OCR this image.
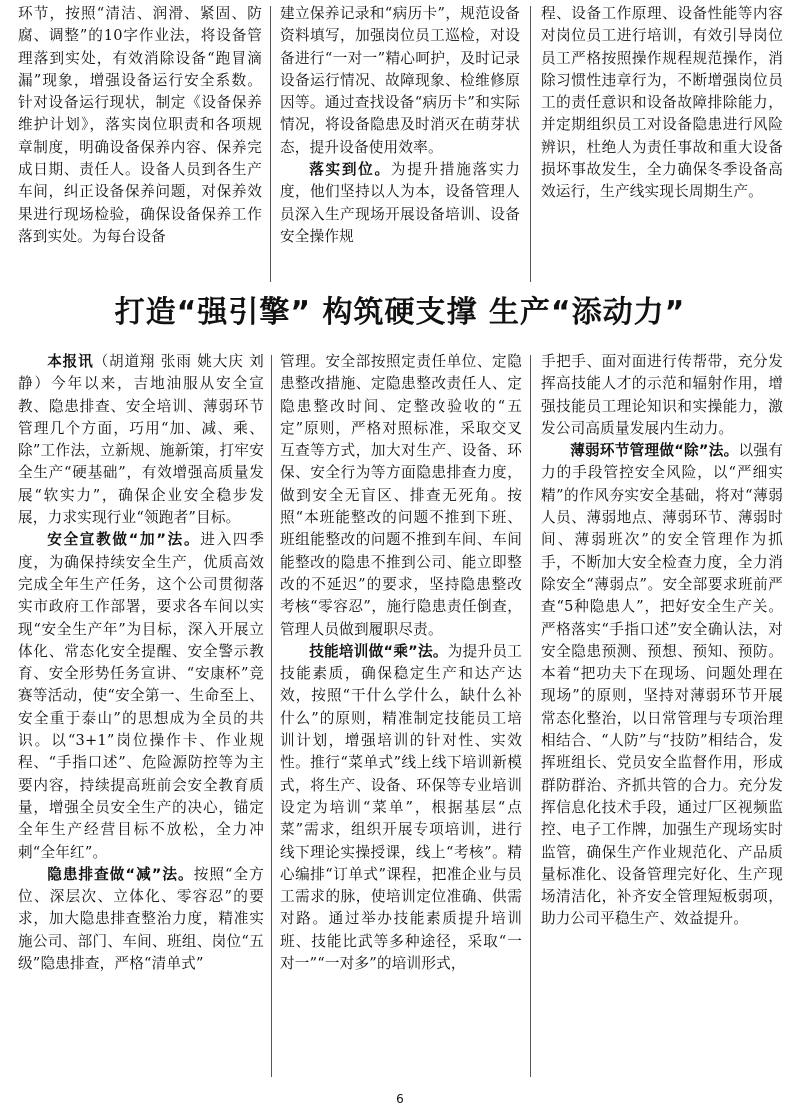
环节，按照“清洁、润滑、紧固、防腐、调整”的10字作业法，将设备管理落到实处，有效消除设备“跑冒滴漏”现象，增强设备运行安全系数。针对设备运行现状，制定《设备保养维护计划》，落实岗位职责和各项规章制度，明确设备保养内容、保养完成日期、责任人。设备人员到各生产车间，纠正设备保养问题，对保养效果进行现场检验，确保设备保养工作落到实处。为每台设备

建立保养记录和“病历卡”，规范设备资料填写，加强岗位员工巡检，对设备进行“一对一”精心呵护，及时记录设备运行情况、故障现象、检维修原因等。通过查找设备“病历卡”和实际情况，将设备隐患及时消灭在萌芽状态，提升设备使用效率。

落实到位。为提升措施落实力度，他们坚持以人为本，设备管理人员深入生产现场开展设备培训、设备安全操作规

程、设备工作原理、设备性能等内容对岗位员工进行培训，有效引导岗位员工严格按照操作规程规范操作，消除习惯性违章行为，不断增强岗位员工的责任意识和设备故障排除能力，并定期组织员工对设备隐患进行风险辨识，杜绝人为责任事故和重大设备损坏事故发生，全力确保冬季设备高效运行，生产线实现长周期生产。

打造“强引擎” 构筑硬支撑 生产“添动力”

本报讯（胡道翔 张雨 姚大庆 刘静）今年以来，吉地油服从安全宣教、隐患排查、安全培训、薄弱环节管理几个方面，巧用“加、减、乘、除”工作法，立新规、施新策，打牢安全生产“硬基础”，有效增强高质量发展“软实力”，确保企业安全稳步发展，力求实现行业“领跑者”目标。

安全宣教做“加”法。进入四季度，为确保持续安全生产，优质高效完成全年生产任务，这个公司贯彻落实市政府工作部署，要求各车间以实现“安全生产年”为目标，深入开展立体化、常态化安全提醒、安全警示教育、安全形势任务宣讲、“安康杯”竞赛等活动，使“安全第一、生命至上、安全重于泰山”的思想成为全员的共识。以“3+1”岗位操作卡、作业规程、“手指口述”、危险源防控等为主要内容，持续提高班前会安全教育质量，增强全员安全生产的决心，锚定全年生产经营目标不放松，全力冲刺“全年红”。

隐患排查做“减”法。按照“全方位、深层次、立体化、零容忍”的要求，加大隐患排查整治力度，精准实施公司、部门、车间、班组、岗位“五级”隐患排查，严格“清单式”

管理。安全部按照定责任单位、定隐患整改措施、定隐患整改责任人、定隐患整改时间、定整改验收的“五定”原则，严格对照标准，采取交叉互查等方式，加大对生产、设备、环保、安全行为等方面隐患排查力度，做到安全无盲区、排查无死角。按照“本班能整改的问题不推到下班、班组能整改的问题不推到车间、车间能整改的隐患不推到公司、能立即整改的不延迟”的要求，坚持隐患整改考核“零容忍”，施行隐患责任倒查，管理人员做到履职尽责。

技能培训做“乘”法。为提升员工技能素质，确保稳定生产和达产达效，按照“干什么学什么，缺什么补什么”的原则，精准制定技能员工培训计划，增强培训的针对性、实效性。推行“菜单式”线上线下培训新模式，将生产、设备、环保等专业培训设定为培训“菜单”，根据基层“点菜”需求，组织开展专项培训，进行线下理论实操授课，线上“考核”。精心编排“订单式”课程，把准企业与员工需求的脉，使培训定位准确、供需对路。通过举办技能素质提升培训班、技能比武等多种途径，采取“一对一”“一对多”的培训形式，

手把手、面对面进行传帮带，充分发挥高技能人才的示范和辐射作用，增强技能员工理论知识和实操能力，激发公司高质量发展内生动力。

薄弱环节管理做“除”法。以强有力的手段管控安全风险，以“严细实精”的作风夯实安全基础，将对“薄弱人员、薄弱地点、薄弱环节、薄弱时间、薄弱班次”的安全管理作为抓手，不断加大安全检查力度，全力消除安全“薄弱点”。安全部要求班前严查“5种隐患人”，把好安全生产关。严格落实“手指口述”安全确认法，对安全隐患预测、预想、预知、预防。本着“把功夫下在现场、问题处理在现场”的原则，坚持对薄弱环节开展常态化整治，以日常管理与专项治理相结合、“人防”与“技防”相结合，发挥班组长、党员安全监督作用，形成群防群治、齐抓共管的合力。充分发挥信息化技术手段，通过厂区视频监控、电子工作牌，加强生产现场实时监管，确保生产作业规范化、产品质量标准化、设备管理完好化、生产现场清洁化，补齐安全管理短板弱项，助力公司平稳生产、效益提升。

6
